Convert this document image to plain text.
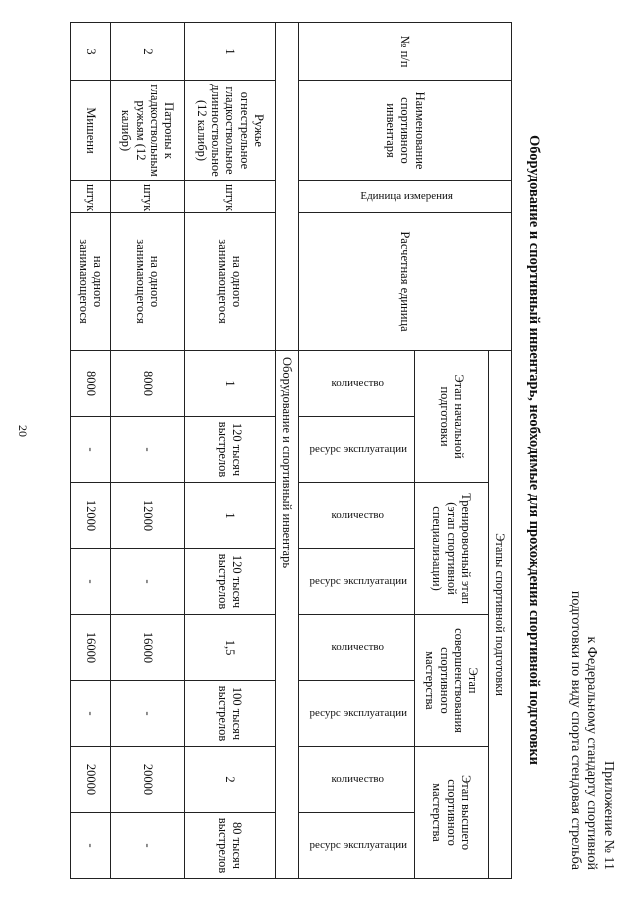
20
Приложение № 11
к Федеральному стандарту спортивной
подготовки по виду спорта стендовая стрельба
Оборудование и спортивный инвентарь, необходимые для прохождения спортивной подготовки
№ п/п	Наименование спортивного инвентаря	Единица измерения	Расчетная единица	Этапы спортивной подготовки							
				Этап начальной подготовки		Тренировочный этап (этап спортивной специализации)		Этап совершенствования спортивного мастерства		Этап высшего спортивного мастерства	
				количество	ресурс эксплуатации	количество	ресурс эксплуатации	количество	ресурс эксплуатации	количество	ресурс эксплуатации
				Оборудование и спортивный инвентарь							
1	Ружье огнестрельное гладкоствольное длинноствольное (12 калибр)	штук	на одного занимающегося	1	120 тысяч выстрелов	1	120 тысяч выстрелов	1,5	100 тысяч выстрелов	2	80 тысяч выстрелов
2	Патроны к гладкоствольным ружьям (12 калибр)	штук	на одного занимающегося	8000	-	12000	-	16000	-	20000	-
3	Мишени	штук	на одного занимающегося	8000	-	12000	-	16000	-	20000	-
